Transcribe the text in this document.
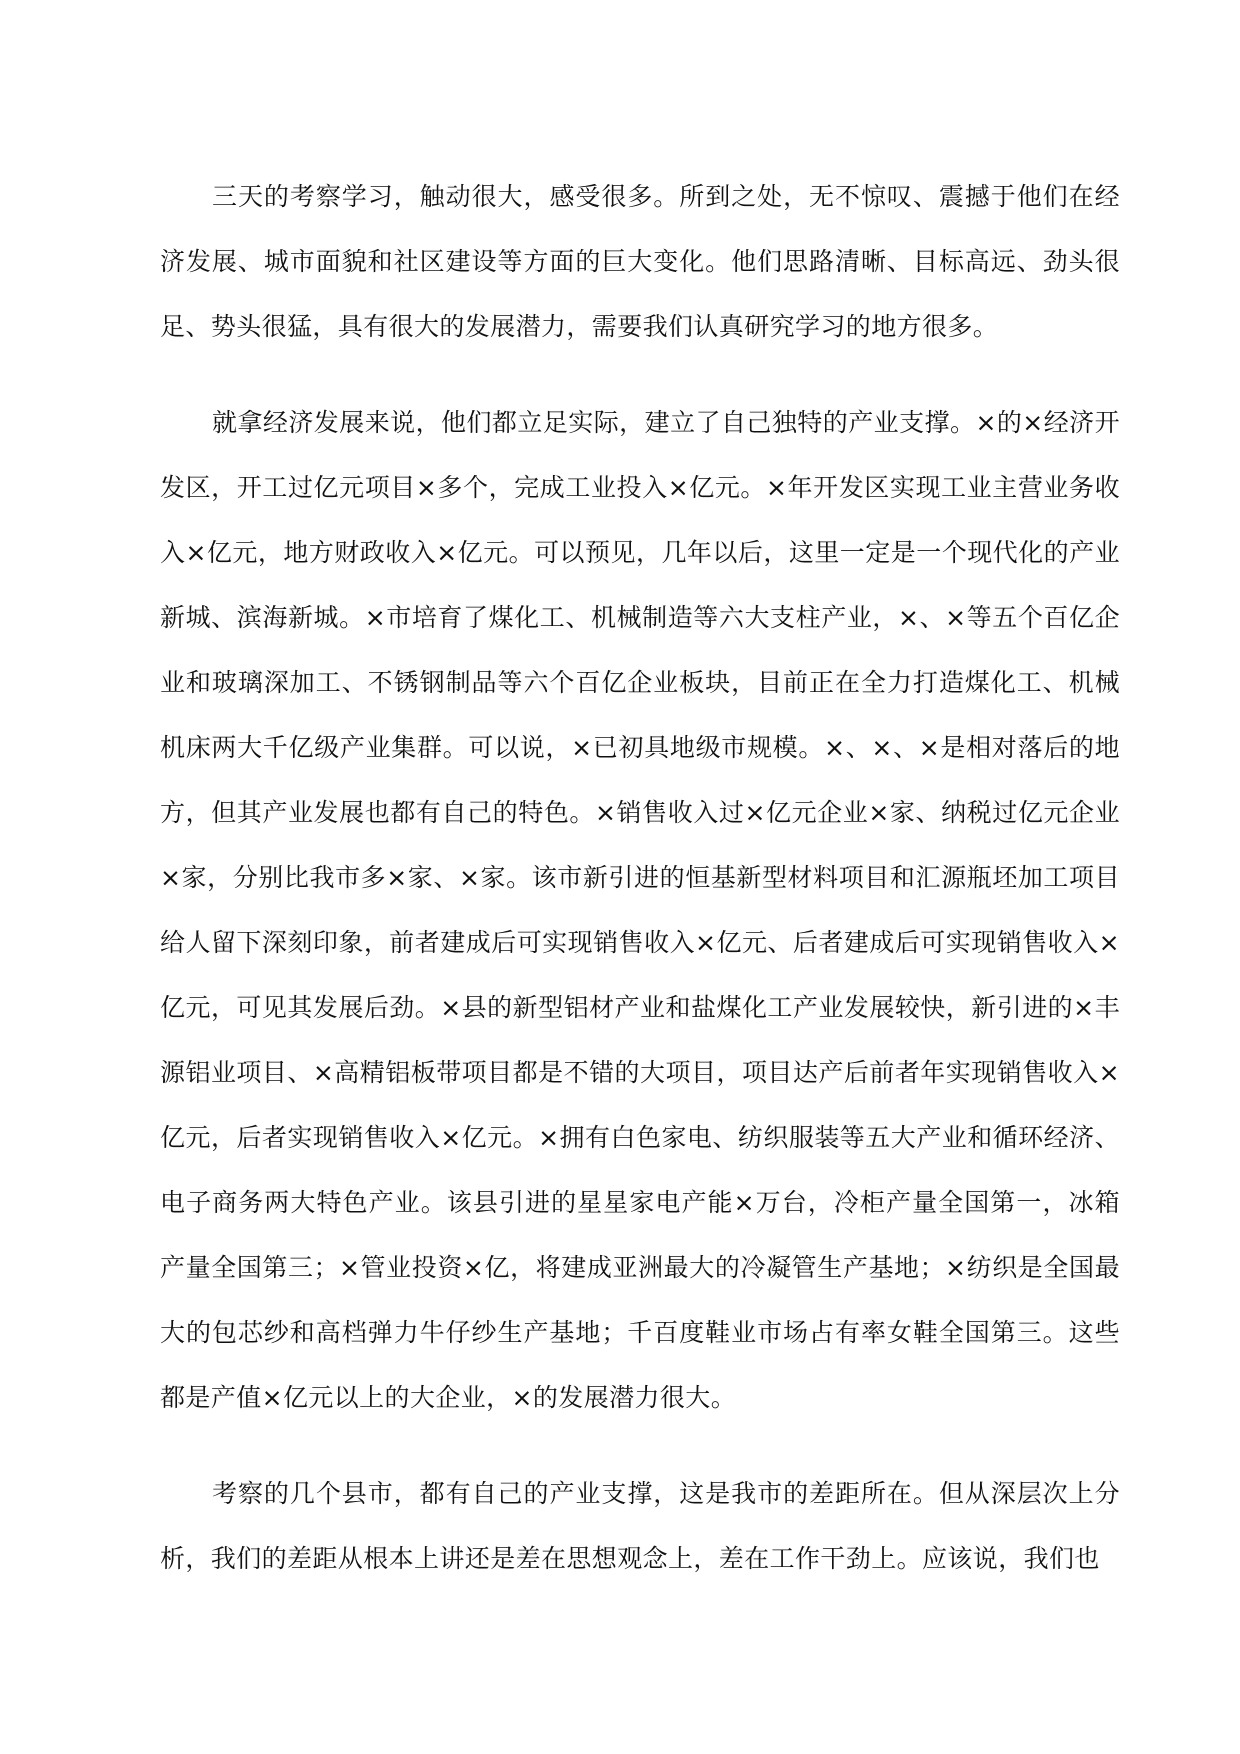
三天的考察学习，触动很大，感受很多。所到之处，无不惊叹、震撼于他们在经济发展、城市面貌和社区建设等方面的巨大变化。他们思路清晰、目标高远、劲头很足、势头很猛，具有很大的发展潜力，需要我们认真研究学习的地方很多。

就拿经济发展来说，他们都立足实际，建立了自己独特的产业支撑。×的×经济开发区，开工过亿元项目×多个，完成工业投入×亿元。×年开发区实现工业主营业务收入×亿元，地方财政收入×亿元。可以预见，几年以后，这里一定是一个现代化的产业新城、滨海新城。×市培育了煤化工、机械制造等六大支柱产业，×、×等五个百亿企业和玻璃深加工、不锈钢制品等六个百亿企业板块，目前正在全力打造煤化工、机械机床两大千亿级产业集群。可以说，×已初具地级市规模。×、×、×是相对落后的地方，但其产业发展也都有自己的特色。×销售收入过×亿元企业×家、纳税过亿元企业×家，分别比我市多×家、×家。该市新引进的恒基新型材料项目和汇源瓶坯加工项目给人留下深刻印象，前者建成后可实现销售收入×亿元、后者建成后可实现销售收入×亿元，可见其发展后劲。×县的新型铝材产业和盐煤化工产业发展较快，新引进的×丰源铝业项目、×高精铝板带项目都是不错的大项目，项目达产后前者年实现销售收入×亿元，后者实现销售收入×亿元。×拥有白色家电、纺织服装等五大产业和循环经济、电子商务两大特色产业。该县引进的星星家电产能×万台，冷柜产量全国第一，冰箱产量全国第三；×管业投资×亿，将建成亚洲最大的冷凝管生产基地；×纺织是全国最大的包芯纱和高档弹力牛仔纱生产基地；千百度鞋业市场占有率女鞋全国第三。这些都是产值×亿元以上的大企业，×的发展潜力很大。

考察的几个县市，都有自己的产业支撑，这是我市的差距所在。但从深层次上分析，我们的差距从根本上讲还是差在思想观念上，差在工作干劲上。应该说，我们也
